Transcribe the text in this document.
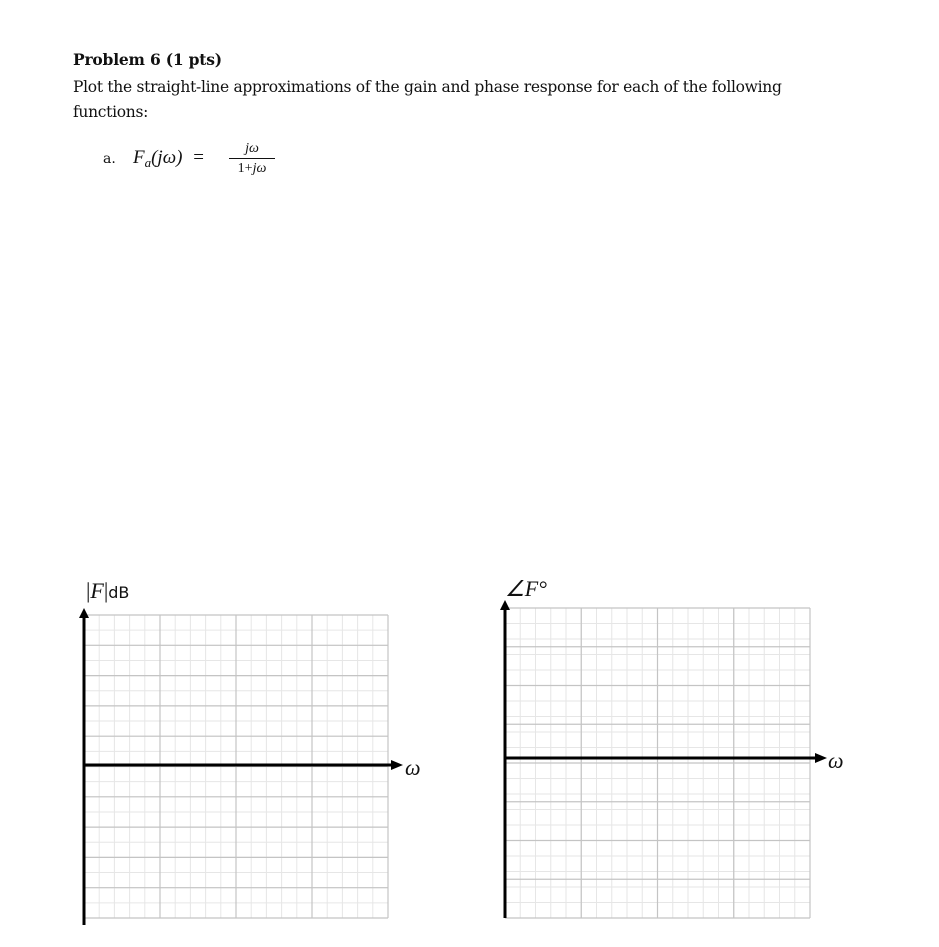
Problem 6 (1 pts)
Plot the straight-line approximations of the gain and phase response for each of the following functions:
a. $F_a(j\omega) = \frac{j\omega}{1+j\omega}$
|F|dB
ω
∠F°
ω
